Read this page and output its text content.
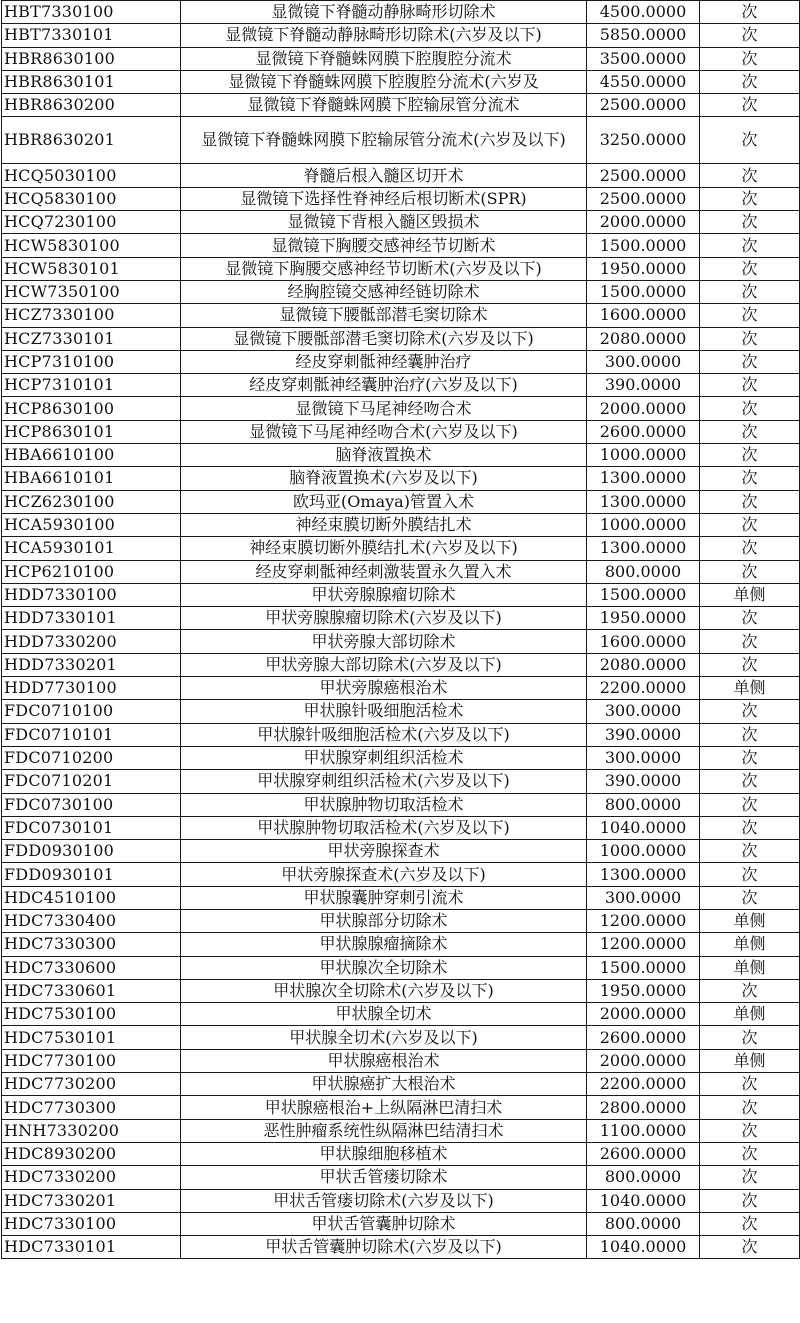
HBT7330100	显微镜下脊髓动静脉畸形切除术	4500.0000	次
HBT7330101	显微镜下脊髓动静脉畸形切除术(六岁及以下)	5850.0000	次
HBR8630100	显微镜下脊髓蛛网膜下腔腹腔分流术	3500.0000	次
HBR8630101	显微镜下脊髓蛛网膜下腔腹腔分流术(六岁及	4550.0000	次
HBR8630200	显微镜下脊髓蛛网膜下腔输尿管分流术	2500.0000	次
HBR8630201	显微镜下脊髓蛛网膜下腔输尿管分流术(六岁及以下)	3250.0000	次
HCQ5030100	脊髓后根入髓区切开术	2500.0000	次
HCQ5830100	显微镜下选择性脊神经后根切断术(SPR)	2500.0000	次
HCQ7230100	显微镜下背根入髓区毁损术	2000.0000	次
HCW5830100	显微镜下胸腰交感神经节切断术	1500.0000	次
HCW5830101	显微镜下胸腰交感神经节切断术(六岁及以下)	1950.0000	次
HCW7350100	经胸腔镜交感神经链切除术	1500.0000	次
HCZ7330100	显微镜下腰骶部潜毛窦切除术	1600.0000	次
HCZ7330101	显微镜下腰骶部潜毛窦切除术(六岁及以下)	2080.0000	次
HCP7310100	经皮穿刺骶神经囊肿治疗	300.0000	次
HCP7310101	经皮穿刺骶神经囊肿治疗(六岁及以下)	390.0000	次
HCP8630100	显微镜下马尾神经吻合术	2000.0000	次
HCP8630101	显微镜下马尾神经吻合术(六岁及以下)	2600.0000	次
HBA6610100	脑脊液置换术	1000.0000	次
HBA6610101	脑脊液置换术(六岁及以下)	1300.0000	次
HCZ6230100	欧玛亚(Omaya)管置入术	1300.0000	次
HCA5930100	神经束膜切断外膜结扎术	1000.0000	次
HCA5930101	神经束膜切断外膜结扎术(六岁及以下)	1300.0000	次
HCP6210100	经皮穿刺骶神经刺激装置永久置入术	800.0000	次
HDD7330100	甲状旁腺腺瘤切除术	1500.0000	单侧
HDD7330101	甲状旁腺腺瘤切除术(六岁及以下)	1950.0000	次
HDD7330200	甲状旁腺大部切除术	1600.0000	次
HDD7330201	甲状旁腺大部切除术(六岁及以下)	2080.0000	次
HDD7730100	甲状旁腺癌根治术	2200.0000	单侧
FDC0710100	甲状腺针吸细胞活检术	300.0000	次
FDC0710101	甲状腺针吸细胞活检术(六岁及以下)	390.0000	次
FDC0710200	甲状腺穿刺组织活检术	300.0000	次
FDC0710201	甲状腺穿刺组织活检术(六岁及以下)	390.0000	次
FDC0730100	甲状腺肿物切取活检术	800.0000	次
FDC0730101	甲状腺肿物切取活检术(六岁及以下)	1040.0000	次
FDD0930100	甲状旁腺探查术	1000.0000	次
FDD0930101	甲状旁腺探查术(六岁及以下)	1300.0000	次
HDC4510100	甲状腺囊肿穿刺引流术	300.0000	次
HDC7330400	甲状腺部分切除术	1200.0000	单侧
HDC7330300	甲状腺腺瘤摘除术	1200.0000	单侧
HDC7330600	甲状腺次全切除术	1500.0000	单侧
HDC7330601	甲状腺次全切除术(六岁及以下)	1950.0000	次
HDC7530100	甲状腺全切术	2000.0000	单侧
HDC7530101	甲状腺全切术(六岁及以下)	2600.0000	次
HDC7730100	甲状腺癌根治术	2000.0000	单侧
HDC7730200	甲状腺癌扩大根治术	2200.0000	次
HDC7730300	甲状腺癌根治+上纵隔淋巴清扫术	2800.0000	次
HNH7330200	恶性肿瘤系统性纵隔淋巴结清扫术	1100.0000	次
HDC8930200	甲状腺细胞移植术	2600.0000	次
HDC7330200	甲状舌管瘘切除术	800.0000	次
HDC7330201	甲状舌管瘘切除术(六岁及以下)	1040.0000	次
HDC7330100	甲状舌管囊肿切除术	800.0000	次
HDC7330101	甲状舌管囊肿切除术(六岁及以下)	1040.0000	次
